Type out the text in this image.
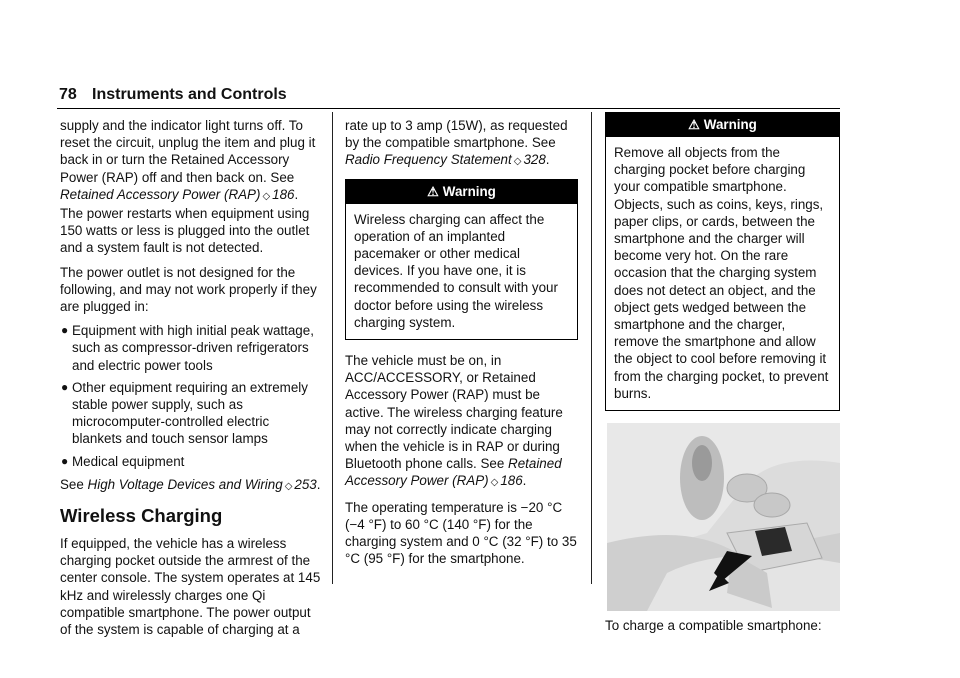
78 Instruments and Controls

supply and the indicator light turns off. To reset the circuit, unplug the item and plug it back in or turn the Retained Accessory Power (RAP) off and then back on. See Retained Accessory Power (RAP) ◇ 186. The power restarts when equipment using 150 watts or less is plugged into the outlet and a system fault is not detected.

The power outlet is not designed for the following, and may not work properly if they are plugged in:

● Equipment with high initial peak wattage, such as compressor-driven refrigerators and electric power tools
● Other equipment requiring an extremely stable power supply, such as microcomputer-controlled electric blankets and touch sensor lamps
● Medical equipment

See High Voltage Devices and Wiring ◇ 253.

Wireless Charging

If equipped, the vehicle has a wireless charging pocket outside the armrest of the center console. The system operates at 145 kHz and wirelessly charges one Qi compatible smartphone. The power output of the system is capable of charging at a

rate up to 3 amp (15W), as requested by the compatible smartphone. See Radio Frequency Statement ◇ 328.

⚠ Warning
Wireless charging can affect the operation of an implanted pacemaker or other medical devices. If you have one, it is recommended to consult with your doctor before using the wireless charging system.

The vehicle must be on, in ACC/ACCESSORY, or Retained Accessory Power (RAP) must be active. The wireless charging feature may not correctly indicate charging when the vehicle is in RAP or during Bluetooth phone calls. See Retained Accessory Power (RAP) ◇ 186.

The operating temperature is −20 °C (−4 °F) to 60 °C (140 °F) for the charging system and 0 °C (32 °F) to 35 °C (95 °F) for the smartphone.

⚠ Warning
Remove all objects from the charging pocket before charging your compatible smartphone. Objects, such as coins, keys, rings, paper clips, or cards, between the smartphone and the charger will become very hot. On the rare occasion that the charging system does not detect an object, and the object gets wedged between the smartphone and the charger, remove the smartphone and allow the object to cool before removing it from the charging pocket, to prevent burns.

To charge a compatible smartphone:
